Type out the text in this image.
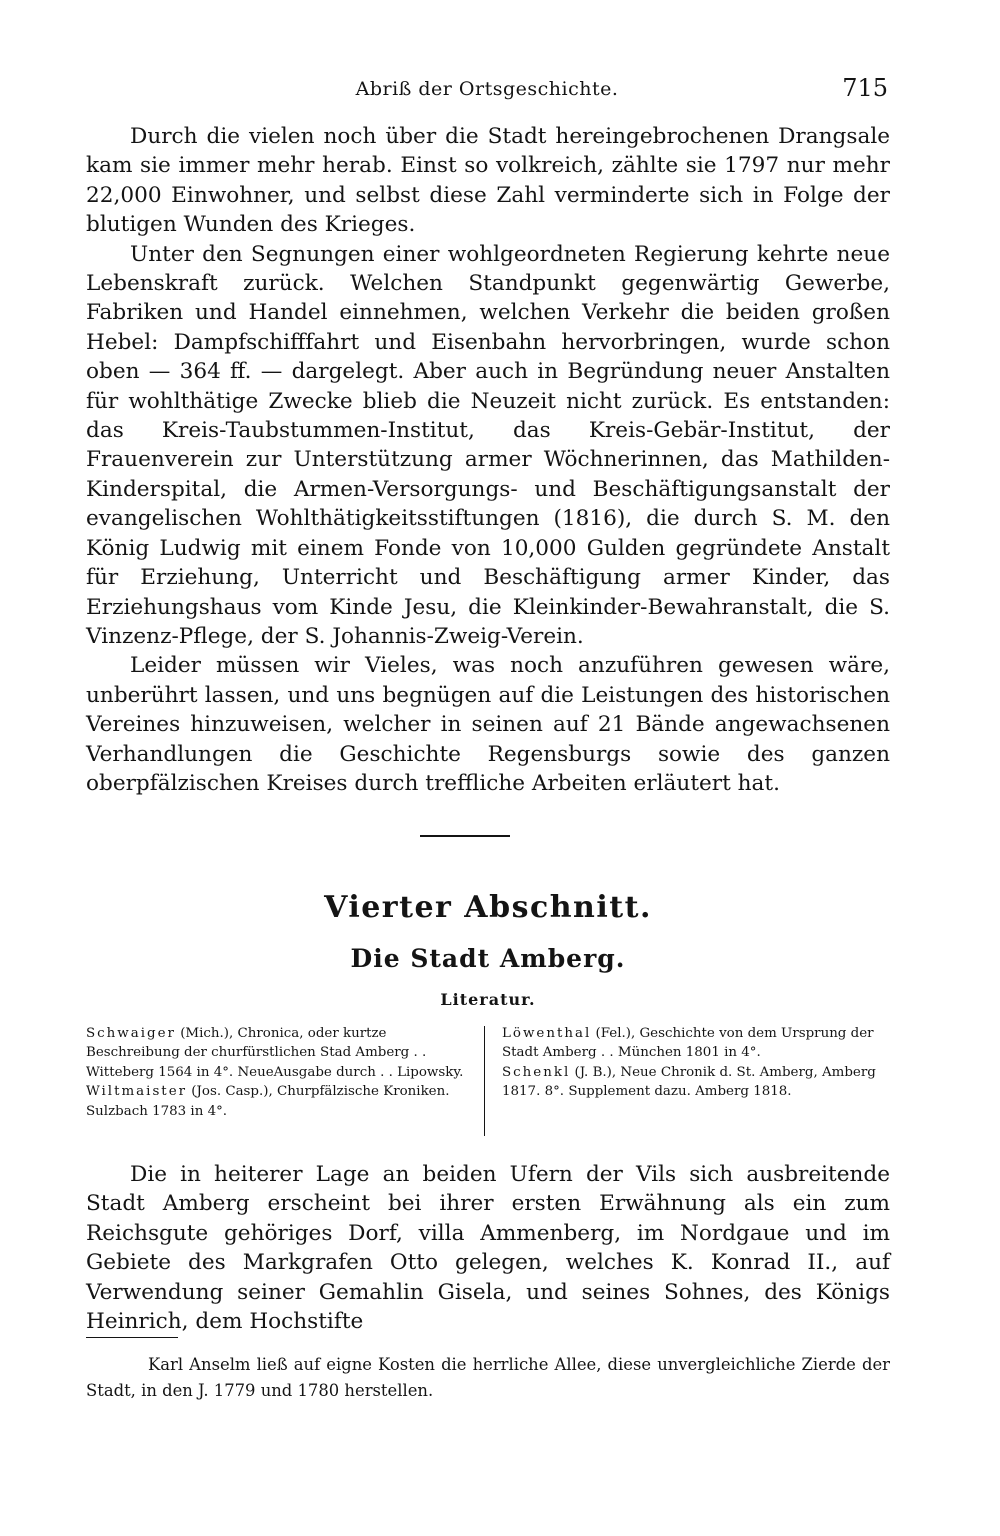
Abriß der Ortsgeschichte.	715

Durch die vielen noch über die Stadt hereingebrochenen Drangsale kam sie immer mehr herab. Einst so volkreich, zählte sie 1797 nur mehr 22,000 Einwohner, und selbst diese Zahl verminderte sich in Folge der blutigen Wunden des Krieges.

Unter den Segnungen einer wohlgeordneten Regierung kehrte neue Lebenskraft zurück. Welchen Standpunkt gegenwärtig Gewerbe, Fabriken und Handel einnehmen, welchen Verkehr die beiden großen Hebel: Dampfschifffahrt und Eisenbahn hervorbringen, wurde schon oben — 364 ff. — dargelegt. Aber auch in Begründung neuer Anstalten für wohlthätige Zwecke blieb die Neuzeit nicht zurück. Es entstanden: das Kreis-Taubstummen-Institut, das Kreis-Gebär-Institut, der Frauenverein zur Unterstützung armer Wöchnerinnen, das Mathilden-Kinderspital, die Armen-Versorgungs- und Beschäftigungsanstalt der evangelischen Wohlthätigkeitsstiftungen (1816), die durch S. M. den König Ludwig mit einem Fonde von 10,000 Gulden gegründete Anstalt für Erziehung, Unterricht und Beschäftigung armer Kinder, das Erziehungshaus vom Kinde Jesu, die Kleinkinder-Bewahranstalt, die S. Vinzenz-Pflege, der S. Johannis-Zweig-Verein.

Leider müssen wir Vieles, was noch anzuführen gewesen wäre, unberührt lassen, und uns begnügen auf die Leistungen des historischen Vereines hinzuweisen, welcher in seinen auf 21 Bände angewachsenen Verhandlungen die Geschichte Regensburgs sowie des ganzen oberpfälzischen Kreises durch treffliche Arbeiten erläutert hat.

Vierter Abschnitt.
Die Stadt Amberg.
Literatur.

Schwaiger (Mich.), Chronica, oder kurtze Beschreibung der churfürstlichen Stad Amberg . . Witteberg 1564 in 4°. NeueAusgabe durch . . Lipowsky.

Wiltmaister (Jos. Casp.), Churpfälzische Kroniken. Sulzbach 1783 in 4°.

Löwenthal (Fel.), Geschichte von dem Ursprung der Stadt Amberg . . München 1801 in 4°.

Schenkl (J. B.), Neue Chronik d. St. Amberg, Amberg 1817. 8°. Supplement dazu. Amberg 1818.

Die in heiterer Lage an beiden Ufern der Vils sich ausbreitende Stadt Amberg erscheint bei ihrer ersten Erwähnung als ein zum Reichsgute gehöriges Dorf, villa Ammenberg, im Nordgaue und im Gebiete des Markgrafen Otto gelegen, welches K. Konrad II., auf Verwendung seiner Gemahlin Gisela, und seines Sohnes, des Königs Heinrich, dem Hochstifte

Karl Anselm ließ auf eigne Kosten die herrliche Allee, diese unvergleichliche Zierde der Stadt, in den J. 1779 und 1780 herstellen.
